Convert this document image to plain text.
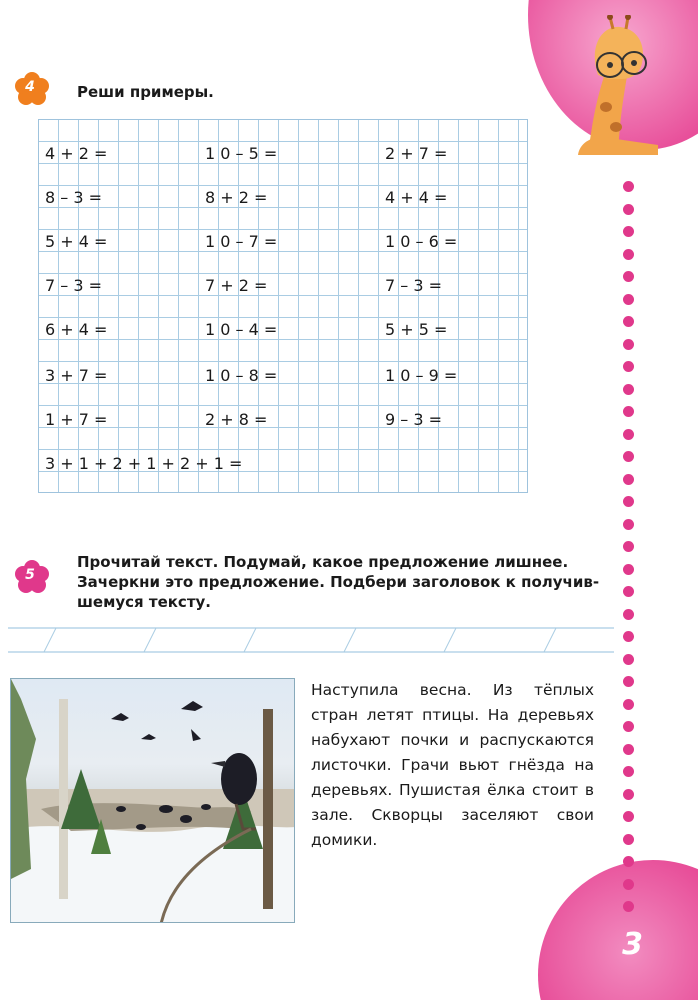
3
4	Реши примеры.
4 + 2 =
8 – 3 =
5 + 4 =
7 – 3 =
6 + 4 =
3 + 7 =
1 + 7 =
1 0 – 5 =
8 + 2 =
1 0 – 7 =
7 + 2 =
1 0 – 4 =
1 0 – 8 =
2 + 8 =
2 + 7 =
4 + 4 =
1 0 – 6 =
7 – 3 =
5 + 5 =
1 0 – 9 =
9 – 3 =
3 + 1 + 2 + 1 + 2 + 1 =
5
Прочитай текст. Подумай, какое предложение лишнее.
Зачеркни это предложение. Подбери заголовок к получив-
шемуся тексту.
Наступила весна. Из тёплых стран летят птицы. На деревьях набухают почки и распускаются листочки. Грачи вьют гнёзда на деревьях. Пушистая ёлка стоит в зале. Скворцы заселяют свои домики.
